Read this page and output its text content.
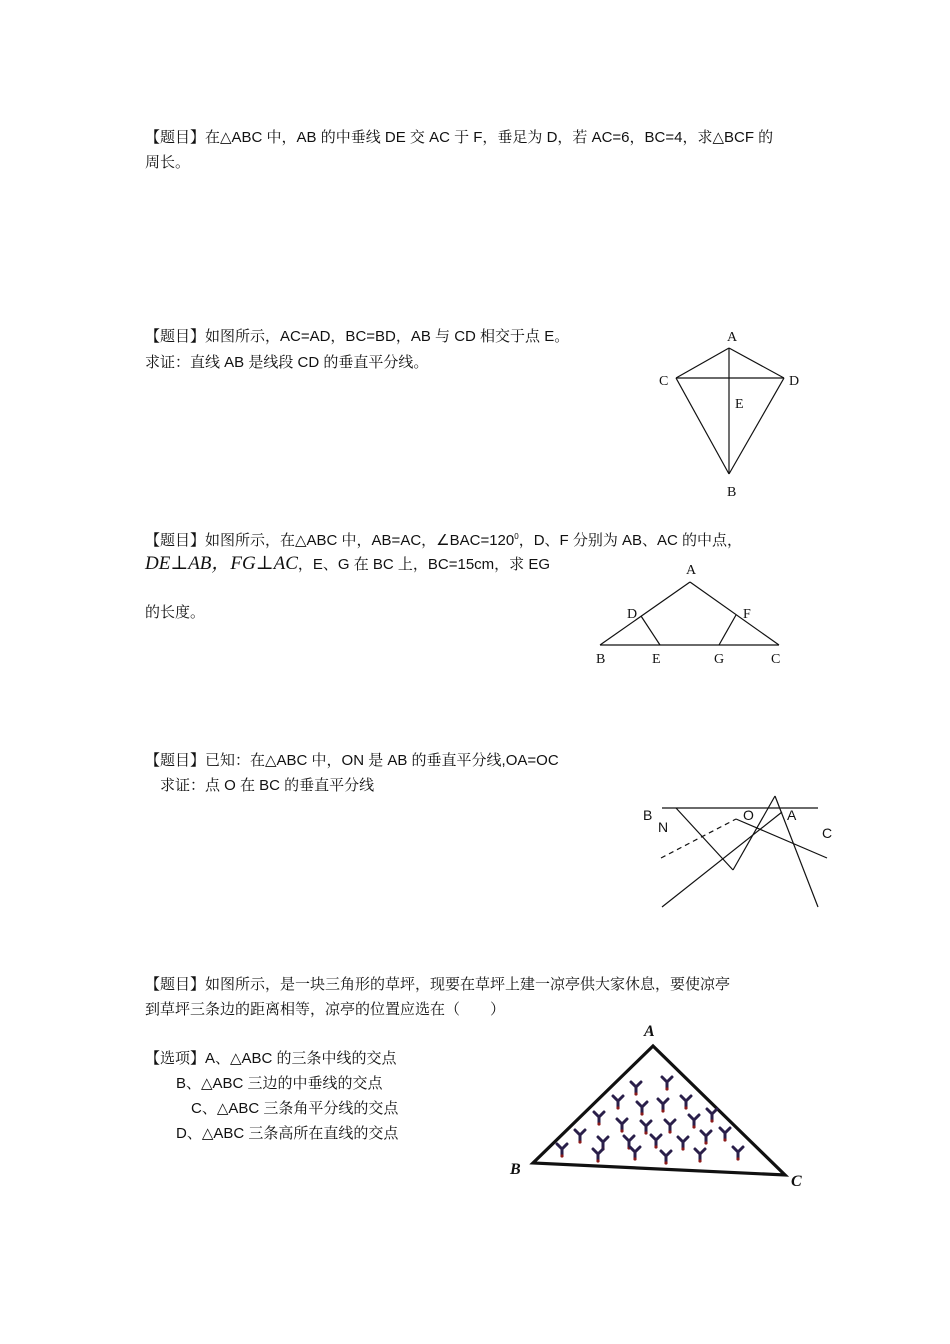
【题目】在△ABC 中，AB 的中垂线 DE 交 AC 于 F，垂足为 D，若 AC=6，BC=4，求△BCF 的
周长。
【题目】如图所示，AC=AD，BC=BD，AB 与 CD 相交于点 E。
求证：直线 AB 是线段 CD 的垂直平分线。
A
C	D
E
B
【题目】如图所示，在△ABC 中，AB=AC，$\angle BAC=120^0$，D、F 分别为 AB、AC 的中点，
DE⊥AB，FG⊥AC，E、G 在 BC 上，BC=15cm，求 EG
的长度。
A
D	F
B	E	G	C
【题目】已知：在△ABC 中，ON 是 AB 的垂直平分线,OA=OC
求证：点 O 在 BC 的垂直平分线
B
N
O A
C
【题目】如图所示，是一块三角形的草坪，现要在草坪上建一凉亭供大家休息，要使凉亭
到草坪三条边的距离相等，凉亭的位置应选在（　　）
【选项】A、△ABC 的三条中线的交点
B、△ABC 三边的中垂线的交点
C、△ABC 三条角平分线的交点
D、△ABC 三条高所在直线的交点
A
B
C
